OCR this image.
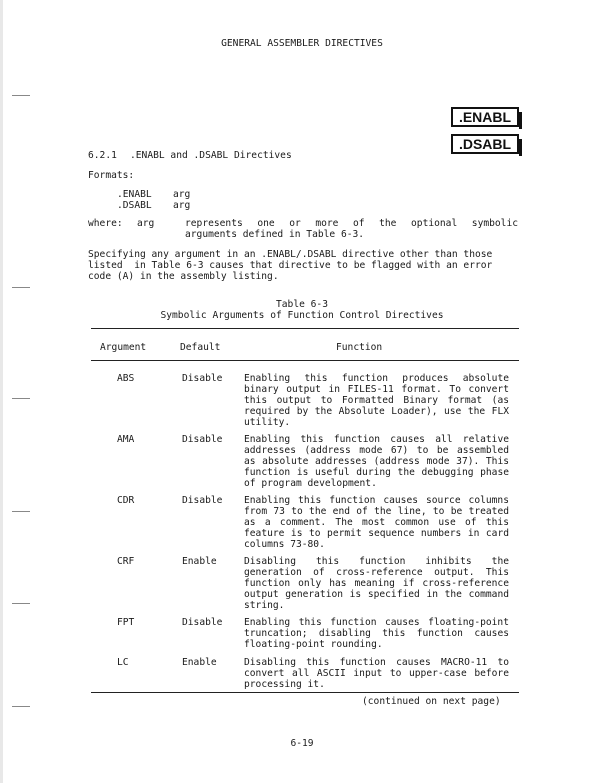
GENERAL ASSEMBLER DIRECTIVES
.ENABL
.DSABL
6.2.1 .ENABL and .DSABL Directives
Formats:
.ENABL arg
.DSABL arg
where: arg	represents one or more of the optional symbolic
arguments defined in Table 6-3.
Specifying any argument in an .ENABL/.DSABL directive other than those
listed  in Table 6-3 causes that directive to be flagged with an error
code (A) in the assembly listing.
Table 6-3
Symbolic Arguments of Function Control Directives
Argument	Default	Function
ABS	Disable	Enabling this function produces absolute binary output in FILES-11 format. To convert this output to Formatted Binary format (as required by the Absolute Loader), use the FLX utility.
AMA	Disable	Enabling this function causes all relative addresses (address mode 67) to be assembled as absolute addresses (address mode 37). This function is useful during the debugging phase of program development.
CDR	Disable	Enabling this function causes source columns from 73 to the end of the line, to be treated as a comment. The most common use of this feature is to permit sequence numbers in card columns 73-80.
CRF	Enable	Disabling this function inhibits the generation of cross-reference output. This function only has meaning if cross-reference output generation is specified in the command string.
FPT	Disable	Enabling this function causes floating-point truncation; disabling this function causes floating-point rounding.
LC	Enable	Disabling this function causes MACRO-11 to convert all ASCII input to upper-case before processing it.
(continued on next page)
6-19
